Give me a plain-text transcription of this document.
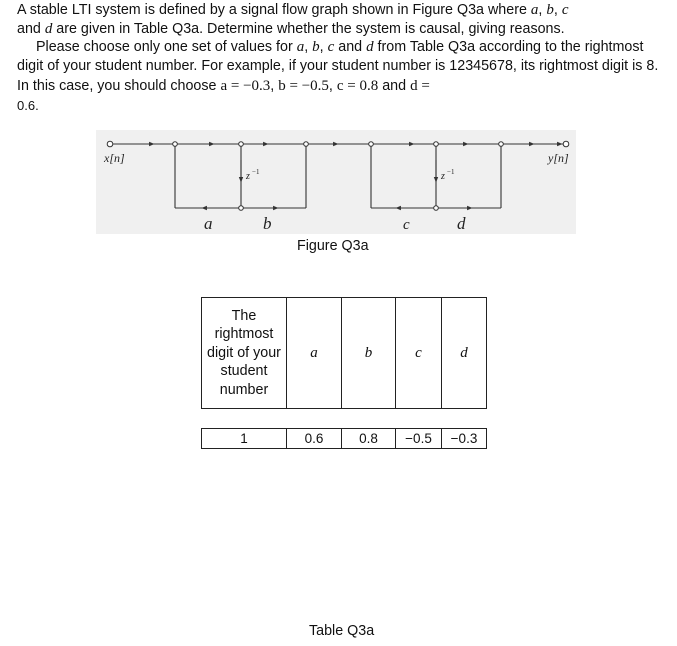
A stable LTI system is defined by a signal flow graph shown in Figure Q3a where a, b, c
and d are given in Table Q3a. Determine whether the system is causal, giving reasons.
Please choose only one set of values for a, b, c and d from Table Q3a according to the rightmost digit of your student number. For example, if your student number is 12345678, its rightmost digit is 8. In this case, you should choose a = −0.3, b = −0.5, c = 0.8 and d =
0.6.
x[n]	y[n]
z −1	z −1
a	b	c	d
Figure Q3a
The rightmost digit of your student number
	a	b	c	d
1	0.6	0.8	−0.5	−0.3
Table Q3a
